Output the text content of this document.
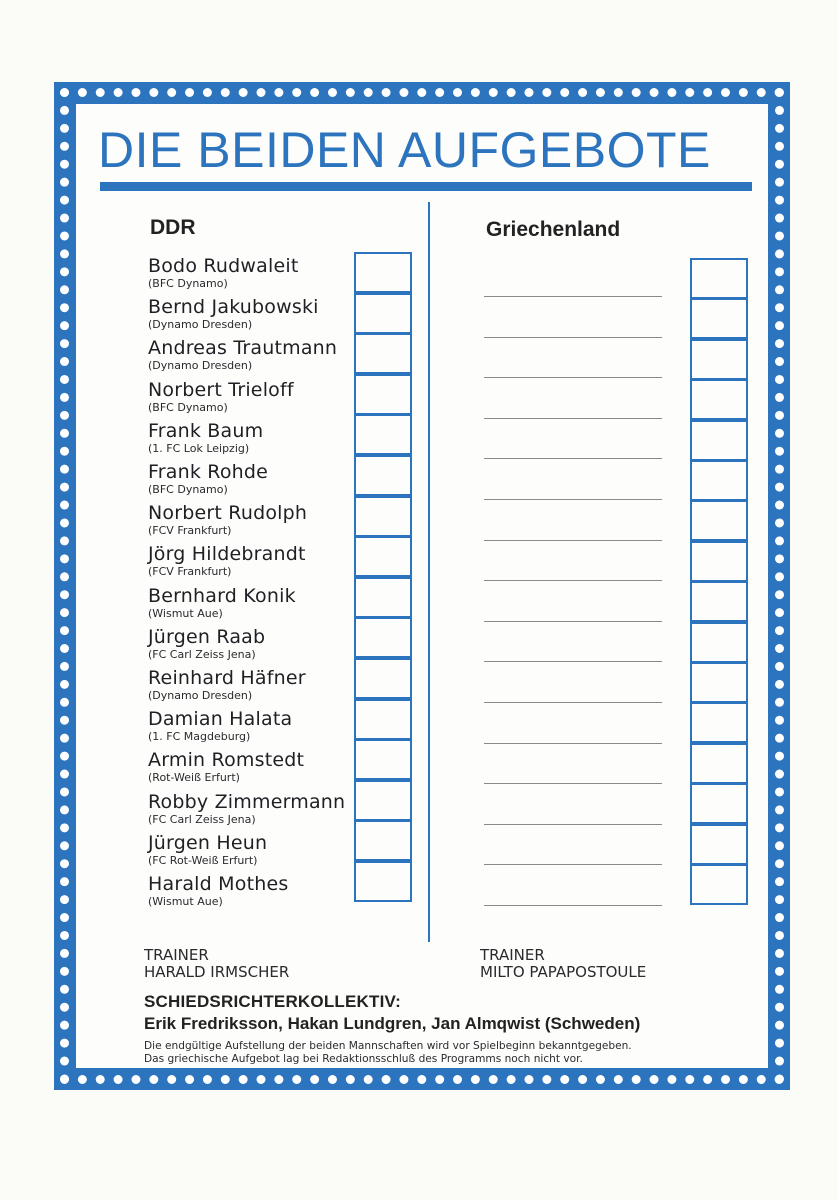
DIE BEIDEN AUFGEBOTE
DDR	Griechenland
Bodo Rudwaleit
(BFC Dynamo)
Bernd Jakubowski
(Dynamo Dresden)
Andreas Trautmann
(Dynamo Dresden)
Norbert Trieloff
(BFC Dynamo)
Frank Baum
(1. FC Lok Leipzig)
Frank Rohde
(BFC Dynamo)
Norbert Rudolph
(FCV Frankfurt)
Jörg Hildebrandt
(FCV Frankfurt)
Bernhard Konik
(Wismut Aue)
Jürgen Raab
(FC Carl Zeiss Jena)
Reinhard Häfner
(Dynamo Dresden)
Damian Halata
(1. FC Magdeburg)
Armin Romstedt
(Rot-Weiß Erfurt)
Robby Zimmermann
(FC Carl Zeiss Jena)
Jürgen Heun
(FC Rot-Weiß Erfurt)
Harald Mothes
(Wismut Aue)
TRAINER
HARALD IRMSCHER
TRAINER
MILTO PAPAPOSTOULE
SCHIEDSRICHTERKOLLEKTIV:
Erik Fredriksson, Hakan Lundgren, Jan Almqwist (Schweden)
Die endgültige Aufstellung der beiden Mannschaften wird vor Spielbeginn bekanntgegeben.
Das griechische Aufgebot lag bei Redaktionsschluß des Programms noch nicht vor.
